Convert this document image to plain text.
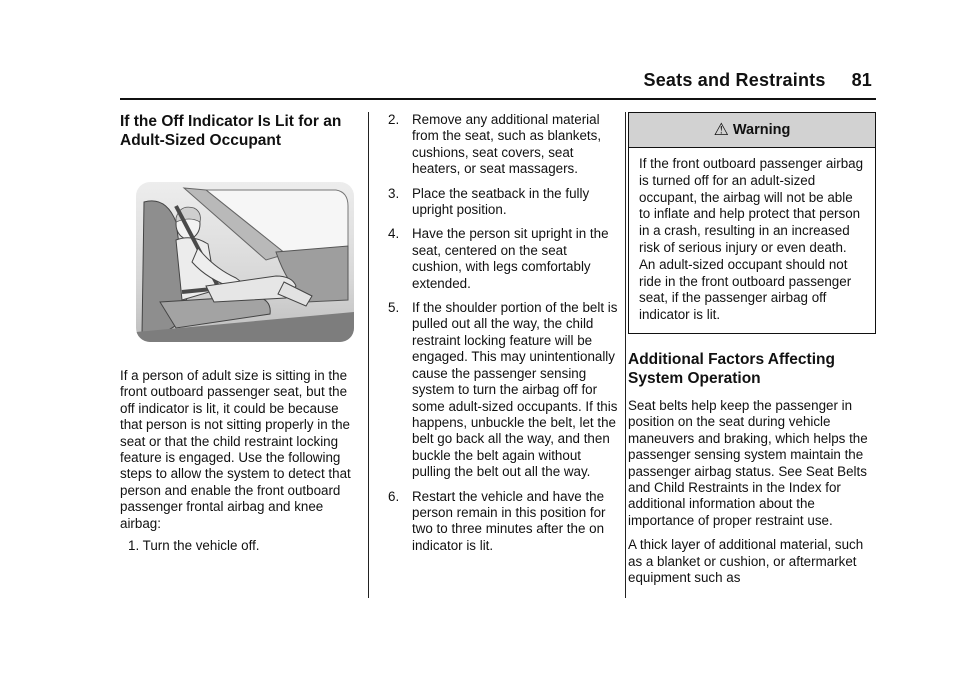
Seats and Restraints 81
If the Off Indicator Is Lit for an Adult-Sized Occupant

If a person of adult size is sitting in the front outboard passenger seat, but the off indicator is lit, it could be because that person is not sitting properly in the seat or that the child restraint locking feature is engaged. Use the following steps to allow the system to detect that person and enable the front outboard passenger frontal airbag and knee airbag:

1. Turn the vehicle off.
2. Remove any additional material from the seat, such as blankets, cushions, seat covers, seat heaters, or seat massagers.
3. Place the seatback in the fully upright position.
4. Have the person sit upright in the seat, centered on the seat cushion, with legs comfortably extended.
5. If the shoulder portion of the belt is pulled out all the way, the child restraint locking feature will be engaged. This may unintentionally cause the passenger sensing system to turn the airbag off for some adult-sized occupants. If this happens, unbuckle the belt, let the belt go back all the way, and then buckle the belt again without pulling the belt out all the way.
6. Restart the vehicle and have the person remain in this position for two to three minutes after the on indicator is lit.
⚠ Warning
If the front outboard passenger airbag is turned off for an adult-sized occupant, the airbag will not be able to inflate and help protect that person in a crash, resulting in an increased risk of serious injury or even death. An adult-sized occupant should not ride in the front outboard passenger seat, if the passenger airbag off indicator is lit.
Additional Factors Affecting System Operation

Seat belts help keep the passenger in position on the seat during vehicle maneuvers and braking, which helps the passenger sensing system maintain the passenger airbag status. See Seat Belts and Child Restraints in the Index for additional information about the importance of proper restraint use.

A thick layer of additional material, such as a blanket or cushion, or aftermarket equipment such as
